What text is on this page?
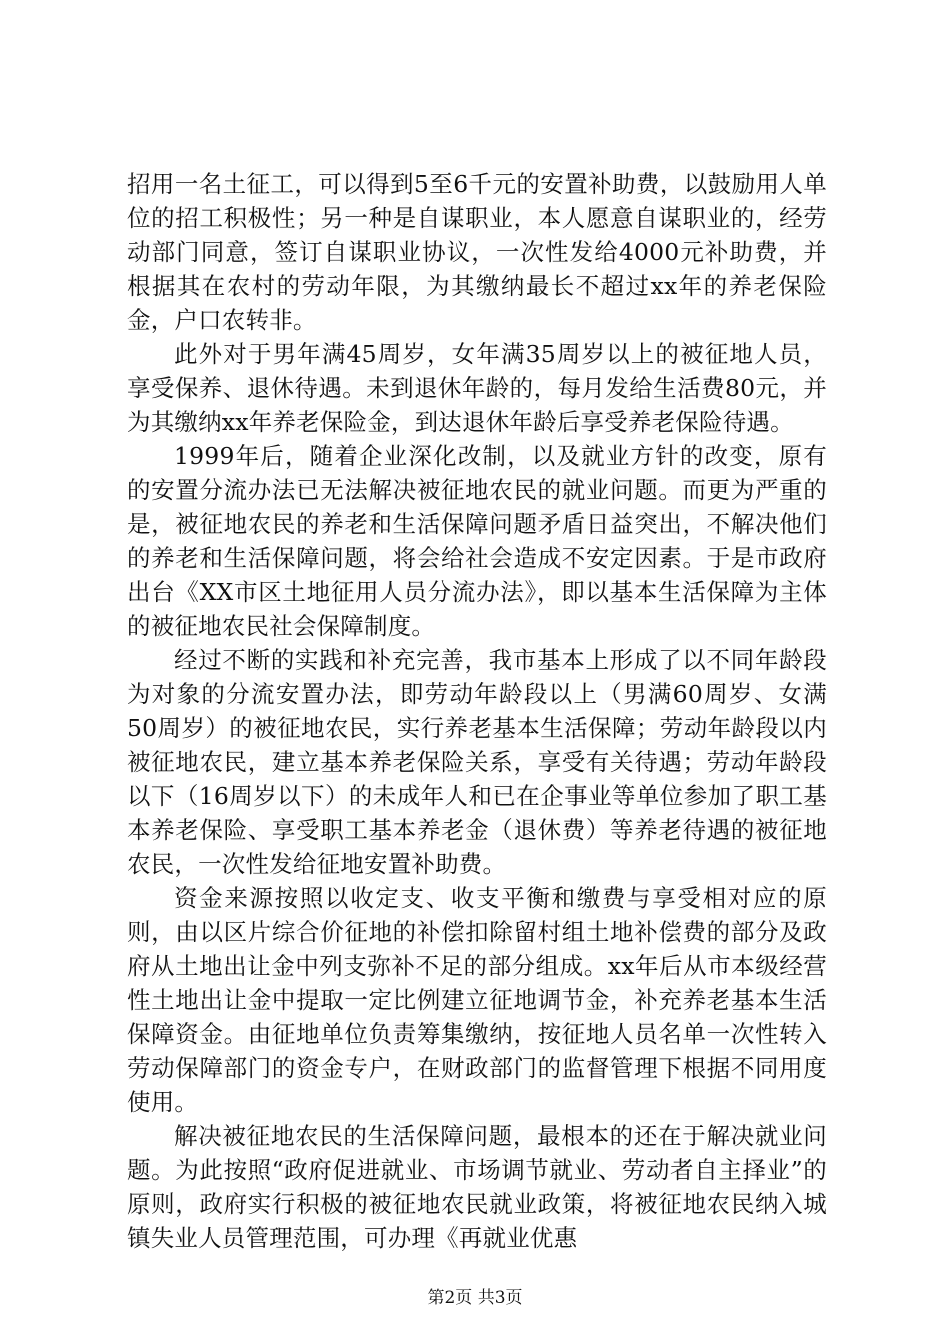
招用一名土征工，可以得到5至6千元的安置补助费，以鼓励用人单位的招工积极性；另一种是自谋职业，本人愿意自谋职业的，经劳动部门同意，签订自谋职业协议，一次性发给4000元补助费，并根据其在农村的劳动年限，为其缴纳最长不超过xx年的养老保险金，户口农转非。

此外对于男年满45周岁，女年满35周岁以上的被征地人员，享受保养、退休待遇。未到退休年龄的，每月发给生活费80元，并为其缴纳xx年养老保险金，到达退休年龄后享受养老保险待遇。

1999年后，随着企业深化改制，以及就业方针的改变，原有的安置分流办法已无法解决被征地农民的就业问题。而更为严重的是，被征地农民的养老和生活保障问题矛盾日益突出，不解决他们的养老和生活保障问题，将会给社会造成不安定因素。于是市政府出台《XX市区土地征用人员分流办法》，即以基本生活保障为主体的被征地农民社会保障制度。

经过不断的实践和补充完善，我市基本上形成了以不同年龄段为对象的分流安置办法，即劳动年龄段以上（男满60周岁、女满50周岁）的被征地农民，实行养老基本生活保障；劳动年龄段以内被征地农民，建立基本养老保险关系，享受有关待遇；劳动年龄段以下（16周岁以下）的未成年人和已在企事业等单位参加了职工基本养老保险、享受职工基本养老金（退休费）等养老待遇的被征地农民，一次性发给征地安置补助费。

资金来源按照以收定支、收支平衡和缴费与享受相对应的原则，由以区片综合价征地的补偿扣除留村组土地补偿费的部分及政府从土地出让金中列支弥补不足的部分组成。xx年后从市本级经营性土地出让金中提取一定比例建立征地调节金，补充养老基本生活保障资金。由征地单位负责筹集缴纳，按征地人员名单一次性转入劳动保障部门的资金专户，在财政部门的监督管理下根据不同用度使用。

解决被征地农民的生活保障问题，最根本的还在于解决就业问题。为此按照“政府促进就业、市场调节就业、劳动者自主择业”的原则，政府实行积极的被征地农民就业政策，将被征地农民纳入城镇失业人员管理范围，可办理《再就业优惠

第2页 共3页
